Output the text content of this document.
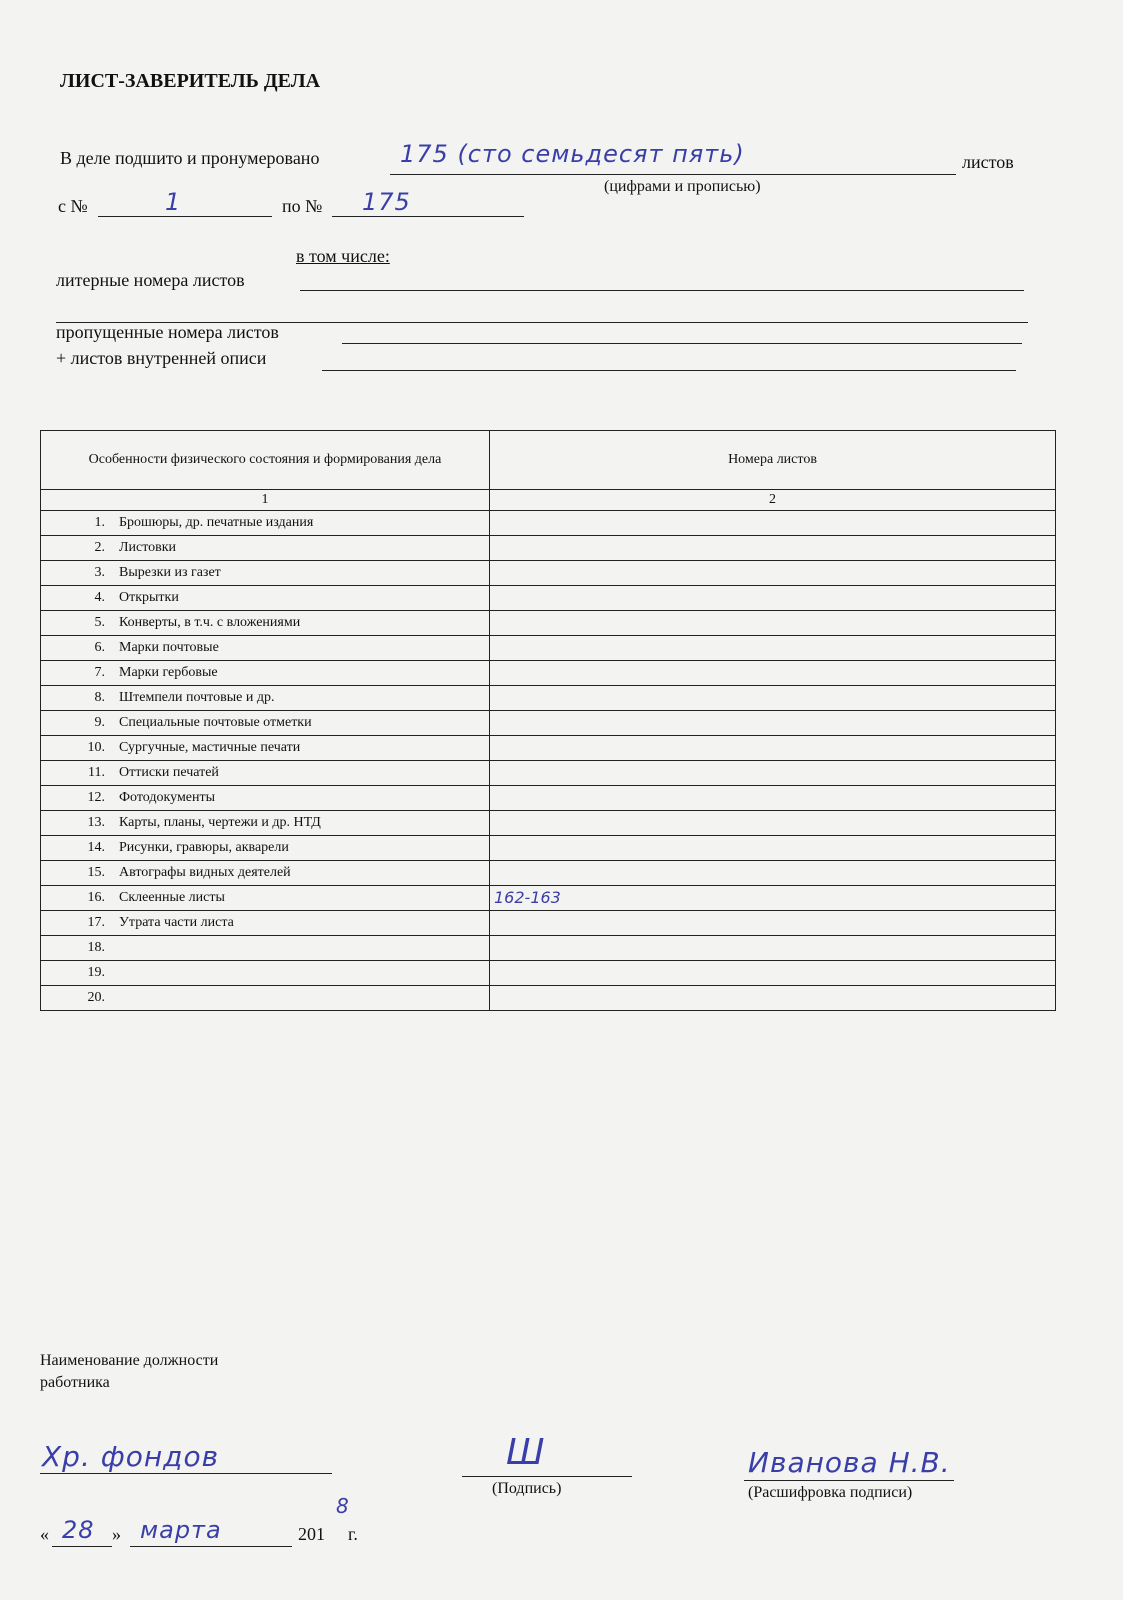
ЛИСТ-ЗАВЕРИТЕЛЬ ДЕЛА
В деле подшито и пронумеровано	175 (сто семьдесят пять)	листов
(цифрами и прописью)
с №	1	по № 175
в том числе:
литерные номера листов
пропущенные номера листов
+ листов внутренней описи
Особенности физического состояния и формирования дела	Номера листов
1	2
1. Брошюры, др. печатные издания	
2. Листовки	
3. Вырезки из газет	
4. Открытки	
5. Конверты, в т.ч. с вложениями	
6. Марки почтовые	
7. Марки гербовые	
8. Штемпели почтовые и др.	
9. Специальные почтовые отметки	
10. Сургучные, мастичные печати	
11. Оттиски печатей	
12. Фотодокументы	
13. Карты, планы, чертежи и др. НТД	
14. Рисунки, гравюры, акварели	
15. Автографы видных деятелей	
16. Склеенные листы	162-163
17. Утрата части листа	
18.	
19.	
20.	
Наименование должности
работника
Хр. фондов	Ш
(Подпись)
Иванова Н.В.
(Расшифровка подписи)
« 28 » марта	201
8
г.
